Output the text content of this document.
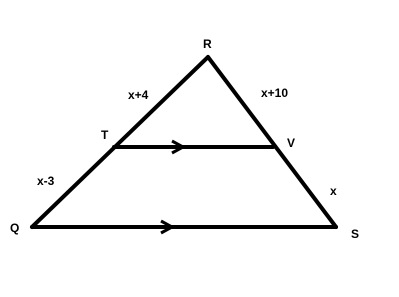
R
T
V
Q	S
x+4
x-3
x+10
x
